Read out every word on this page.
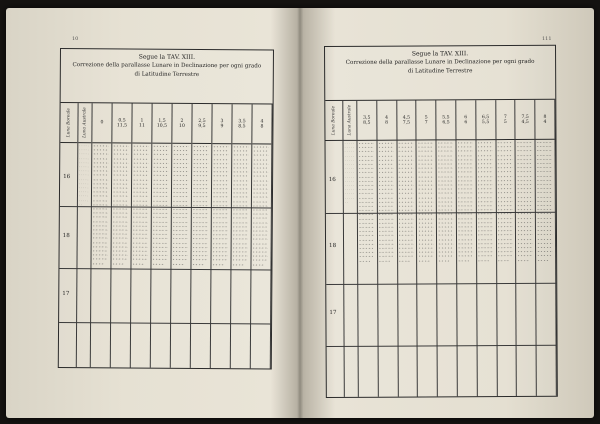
10
Segue la TAV. XIII.
Correzione della parallasse Lunare in Declinazione per ogni grado
di Latitudine Terrestre
Luna Boreale	Luna Australe
· · · · · · · · · · · · · · · · · · · · · · · · · · · · · · · · · · · · · · · · · · · · · · · · · · · · · · · · · · · · · · · · · · · · · · · ·
0
•·• •·• •·• •·• •·• •·• •·• •·• •·• •·• •·• •·• •·• •·• •·• •·• •·• •·• •·• •·• •·• •·• •·• •·• •·• •·• •·• •·• •·• •·• •·• •·• •·• •·• •·• •·• •·• •·• •·• •·• •·• •·• •·• •·• •·• •·• •·• •·• •·• •·• •·• •·• •·• •·• •·• •·• •·• •·• •·• •·• •·• •·• •·• •·• •·• •·• •·• •·• •·• •·• •·• •·•
0,5
11,5
•·• •·• •·• •·• •·• •·• •·• •·• •·• •·• •·• •·• •·• •·• •·• •·• •·• •·• •·• •·• •·• •·• •·• •·• •·• •·• •·• •·• •·• •·• •·• •·• •·• •·• •·• •·• •·• •·• •·• •·• •·• •·• •·• •·• •·• •·• •·• •·• •·• •·• •·• •·• •·• •·• •·• •·• •·• •·• •·• •·• •·• •·• •·• •·• •·• •·• •·• •·• •·• •·• •·• •·•
1
11
•·• •·• •·• •·• •·• •·• •·• •·• •·• •·• •·• •·• •·• •·• •·• •·• •·• •·• •·• •·• •·• •·• •·• •·• •·• •·• •·• •·• •·• •·• •·• •·• •·• •·• •·• •·• •·• •·• •·• •·• •·• •·• •·• •·• •·• •·• •·• •·• •·• •·• •·• •·• •·• •·• •·• •·• •·• •·• •·• •·• •·• •·• •·• •·• •·• •·• •·• •·• •·• •·• •·• •·•
1,5
10,5
•·• •·• •·• •·• •·• •·• •·• •·• •·• •·• •·• •·• •·• •·• •·• •·• •·• •·• •·• •·• •·• •·• •·• •·• •·• •·• •·• •·• •·• •·• •·• •·• •·• •·• •·• •·• •·• •·• •·• •·• •·• •·• •·• •·• •·• •·• •·• •·• •·• •·• •·• •·• •·• •·• •·• •·• •·• •·• •·• •·• •·• •·• •·• •·• •·• •·• •·• •·• •·• •·• •·• •·•
2
10
•·• •·• •·• •·• •·• •·• •·• •·• •·• •·• •·• •·• •·• •·• •·• •·• •·• •·• •·• •·• •·• •·• •·• •·• •·• •·• •·• •·• •·• •·• •·• •·• •·• •·• •·• •·• •·• •·• •·• •·• •·• •·• •·• •·• •·• •·• •·• •·• •·• •·• •·• •·• •·• •·• •·• •·• •·• •·• •·• •·• •·• •·• •·• •·• •·• •·• •·• •·• •·• •·• •·• •·•
2,5
9,5
•·• •·• •·• •·• •·• •·• •·• •·• •·• •·• •·• •·• •·• •·• •·• •·• •·• •·• •·• •·• •·• •·• •·• •·• •·• •·• •·• •·• •·• •·• •·• •·• •·• •·• •·• •·• •·• •·• •·• •·• •·• •·• •·• •·• •·• •·• •·• •·• •·• •·• •·• •·• •·• •·• •·• •·• •·• •·• •·• •·• •·• •·• •·• •·• •·• •·• •·• •·• •·• •·• •·• •·•
3
9
•·• •·• •·• •·• •·• •·• •·• •·• •·• •·• •·• •·• •·• •·• •·• •·• •·• •·• •·• •·• •·• •·• •·• •·• •·• •·• •·• •·• •·• •·• •·• •·• •·• •·• •·• •·• •·• •·• •·• •·• •·• •·• •·• •·• •·• •·• •·• •·• •·• •·• •·• •·• •·• •·• •·• •·• •·• •·• •·• •·• •·• •·• •·• •·• •·• •·• •·• •·• •·• •·• •·• •·•
3,5
8,5
•·• •·• •·• •·• •·• •·• •·• •·• •·• •·• •·• •·• •·• •·• •·• •·• •·• •·• •·• •·• •·• •·• •·• •·• •·• •·• •·• •·• •·• •·• •·• •·• •·• •·• •·• •·• •·• •·• •·• •·• •·• •·• •·• •·• •·• •·• •·• •·• •·• •·• •·• •·• •·• •·• •·• •·• •·• •·• •·• •·• •·• •·• •·• •·• •·• •·• •·• •·• •·• •·• •·• •·•
4
8
•·• •·• •·• •·• •·• •·• •·• •·• •·• •·• •·• •·• •·• •·• •·• •·• •·• •·• •·• •·• •·• •·• •·• •·• •·• •·• •·• •·• •·• •·• •·• •·• •·• •·• •·• •·• •·• •·• •·• •·• •·• •·• •·• •·• •·• •·• •·• •·• •·• •·• •·• •·• •·• •·• •·• •·• •·• •·• •·• •·• •·• •·• •·• •·• •·• •·• •·• •·• •·• •·• •·• •·•
16
18
17
111
Segue la TAV. XIII.
Correzione della parallasse Lunare in Declinazione per ogni grado
di Latitudine Terrestre
Luna Boreale	Luna Australe
· · · · · · · · · · · · · · · · · · · · · · · · · · · · · · · · · · · · · · · · · · · · · · · · · · · · · · · · · · · · · · · · · · · · · · · ·
3,5
8,5
•·• •·• •·• •·• •·• •·• •·• •·• •·• •·• •·• •·• •·• •·• •·• •·• •·• •·• •·• •·• •·• •·• •·• •·• •·• •·• •·• •·• •·• •·• •·• •·• •·• •·• •·• •·• •·• •·• •·• •·• •·• •·• •·• •·• •·• •·• •·• •·• •·• •·• •·• •·• •·• •·• •·• •·• •·• •·• •·• •·• •·• •·• •·• •·• •·• •·• •·• •·• •·• •·• •·• •·•
4
8
•·• •·• •·• •·• •·• •·• •·• •·• •·• •·• •·• •·• •·• •·• •·• •·• •·• •·• •·• •·• •·• •·• •·• •·• •·• •·• •·• •·• •·• •·• •·• •·• •·• •·• •·• •·• •·• •·• •·• •·• •·• •·• •·• •·• •·• •·• •·• •·• •·• •·• •·• •·• •·• •·• •·• •·• •·• •·• •·• •·• •·• •·• •·• •·• •·• •·• •·• •·• •·• •·• •·• •·•
4,5
7,5
•·• •·• •·• •·• •·• •·• •·• •·• •·• •·• •·• •·• •·• •·• •·• •·• •·• •·• •·• •·• •·• •·• •·• •·• •·• •·• •·• •·• •·• •·• •·• •·• •·• •·• •·• •·• •·• •·• •·• •·• •·• •·• •·• •·• •·• •·• •·• •·• •·• •·• •·• •·• •·• •·• •·• •·• •·• •·• •·• •·• •·• •·• •·• •·• •·• •·• •·• •·• •·• •·• •·• •·•
5
7
•·• •·• •·• •·• •·• •·• •·• •·• •·• •·• •·• •·• •·• •·• •·• •·• •·• •·• •·• •·• •·• •·• •·• •·• •·• •·• •·• •·• •·• •·• •·• •·• •·• •·• •·• •·• •·• •·• •·• •·• •·• •·• •·• •·• •·• •·• •·• •·• •·• •·• •·• •·• •·• •·• •·• •·• •·• •·• •·• •·• •·• •·• •·• •·• •·• •·• •·• •·• •·• •·• •·• •·•
5,5
6,5
•·• •·• •·• •·• •·• •·• •·• •·• •·• •·• •·• •·• •·• •·• •·• •·• •·• •·• •·• •·• •·• •·• •·• •·• •·• •·• •·• •·• •·• •·• •·• •·• •·• •·• •·• •·• •·• •·• •·• •·• •·• •·• •·• •·• •·• •·• •·• •·• •·• •·• •·• •·• •·• •·• •·• •·• •·• •·• •·• •·• •·• •·• •·• •·• •·• •·• •·• •·• •·• •·• •·• •·•
6
6
•·• •·• •·• •·• •·• •·• •·• •·• •·• •·• •·• •·• •·• •·• •·• •·• •·• •·• •·• •·• •·• •·• •·• •·• •·• •·• •·• •·• •·• •·• •·• •·• •·• •·• •·• •·• •·• •·• •·• •·• •·• •·• •·• •·• •·• •·• •·• •·• •·• •·• •·• •·• •·• •·• •·• •·• •·• •·• •·• •·• •·• •·• •·• •·• •·• •·• •·• •·• •·• •·• •·• •·•
6,5
5,5
•·• •·• •·• •·• •·• •·• •·• •·• •·• •·• •·• •·• •·• •·• •·• •·• •·• •·• •·• •·• •·• •·• •·• •·• •·• •·• •·• •·• •·• •·• •·• •·• •·• •·• •·• •·• •·• •·• •·• •·• •·• •·• •·• •·• •·• •·• •·• •·• •·• •·• •·• •·• •·• •·• •·• •·• •·• •·• •·• •·• •·• •·• •·• •·• •·• •·• •·• •·• •·• •·• •·• •·•
7
5
•·• •·• •·• •·• •·• •·• •·• •·• •·• •·• •·• •·• •·• •·• •·• •·• •·• •·• •·• •·• •·• •·• •·• •·• •·• •·• •·• •·• •·• •·• •·• •·• •·• •·• •·• •·• •·• •·• •·• •·• •·• •·• •·• •·• •·• •·• •·• •·• •·• •·• •·• •·• •·• •·• •·• •·• •·• •·• •·• •·• •·• •·• •·• •·• •·• •·• •·• •·• •·• •·• •·• •·•
7,5
4,5
•·• •·• •·• •·• •·• •·• •·• •·• •·• •·• •·• •·• •·• •·• •·• •·• •·• •·• •·• •·• •·• •·• •·• •·• •·• •·• •·• •·• •·• •·• •·• •·• •·• •·• •·• •·• •·• •·• •·• •·• •·• •·• •·• •·• •·• •·• •·• •·• •·• •·• •·• •·• •·• •·• •·• •·• •·• •·• •·• •·• •·• •·• •·• •·• •·• •·• •·• •·• •·• •·• •·• •·•
8
4
•·• •·• •·• •·• •·• •·• •·• •·• •·• •·• •·• •·• •·• •·• •·• •·• •·• •·• •·• •·• •·• •·• •·• •·• •·• •·• •·• •·• •·• •·• •·• •·• •·• •·• •·• •·• •·• •·• •·• •·• •·• •·• •·• •·• •·• •·• •·• •·• •·• •·• •·• •·• •·• •·• •·• •·• •·• •·• •·• •·• •·• •·• •·• •·• •·• •·• •·• •·• •·• •·• •·• •·•
16
18
17
